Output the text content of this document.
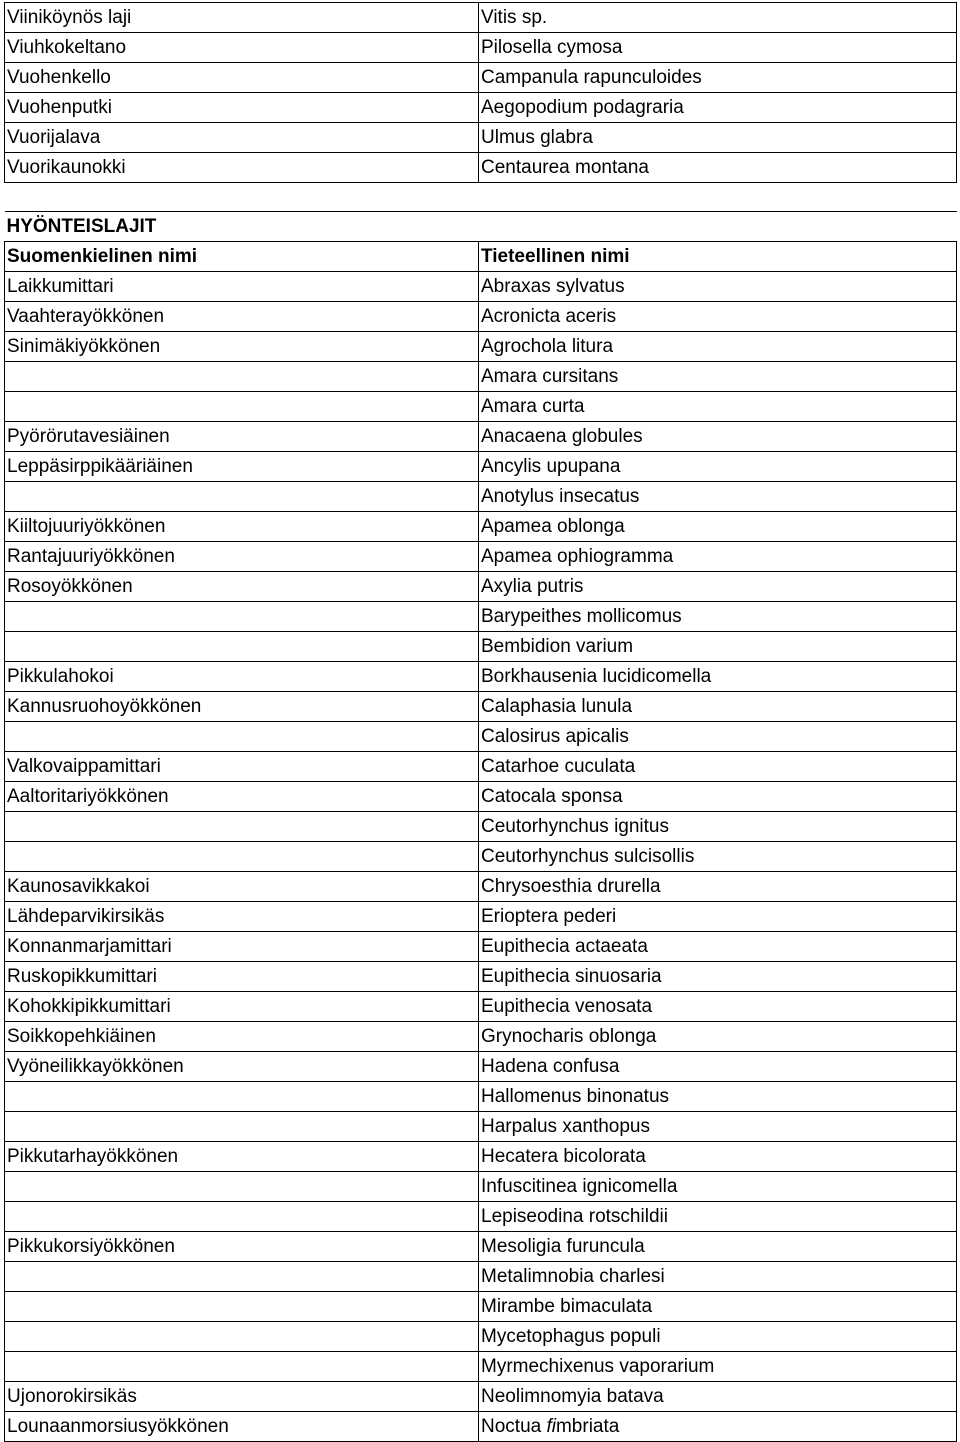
Viiniköynös laji	Vitis sp.
Viuhkokeltano	Pilosella cymosa
Vuohenkello	Campanula rapunculoides
Vuohenputki	Aegopodium podagraria
Vuorijalava	Ulmus glabra
Vuorikaunokki	Centaurea montana

HYÖNTEISLAJIT	
Suomenkielinen nimi	Tieteellinen nimi
Laikkumittari	Abraxas sylvatus
Vaahterayökkönen	Acronicta aceris
Sinimäkiyökkönen	Agrochola litura
	Amara cursitans
	Amara curta
Pyörörutavesiäinen	Anacaena globules
Leppäsirppikääriäinen	Ancylis upupana
	Anotylus insecatus
Kiiltojuuriyökkönen	Apamea oblonga
Rantajuuriyökkönen	Apamea ophiogramma
Rosoyökkönen	Axylia putris
	Barypeithes mollicomus
	Bembidion varium
Pikkulahokoi	Borkhausenia lucidicomella
Kannusruohoyökkönen	Calaphasia lunula
	Calosirus apicalis
Valkovaippamittari	Catarhoe cuculata
Aaltoritariyökkönen	Catocala sponsa
	Ceutorhynchus ignitus
	Ceutorhynchus sulcisollis
Kaunosavikkakoi	Chrysoesthia drurella
Lähdeparvikirsikäs	Erioptera pederi
Konnanmarjamittari	Eupithecia actaeata
Ruskopikkumittari	Eupithecia sinuosaria
Kohokkipikkumittari	Eupithecia venosata
Soikkopehkiäinen	Grynocharis oblonga
Vyöneilikkayökkönen	Hadena confusa
	Hallomenus binonatus
	Harpalus xanthopus
Pikkutarhayökkönen	Hecatera bicolorata
	Infuscitinea ignicomella
	Lepiseodina rotschildii
Pikkukorsiyökkönen	Mesoligia furuncula
	Metalimnobia charlesi
	Mirambe bimaculata
	Mycetophagus populi
	Myrmechixenus vaporarium
Ujonorokirsikäs	Neolimnomyia batava
Lounaanmorsiusyökkönen	Noctua fimbriata
